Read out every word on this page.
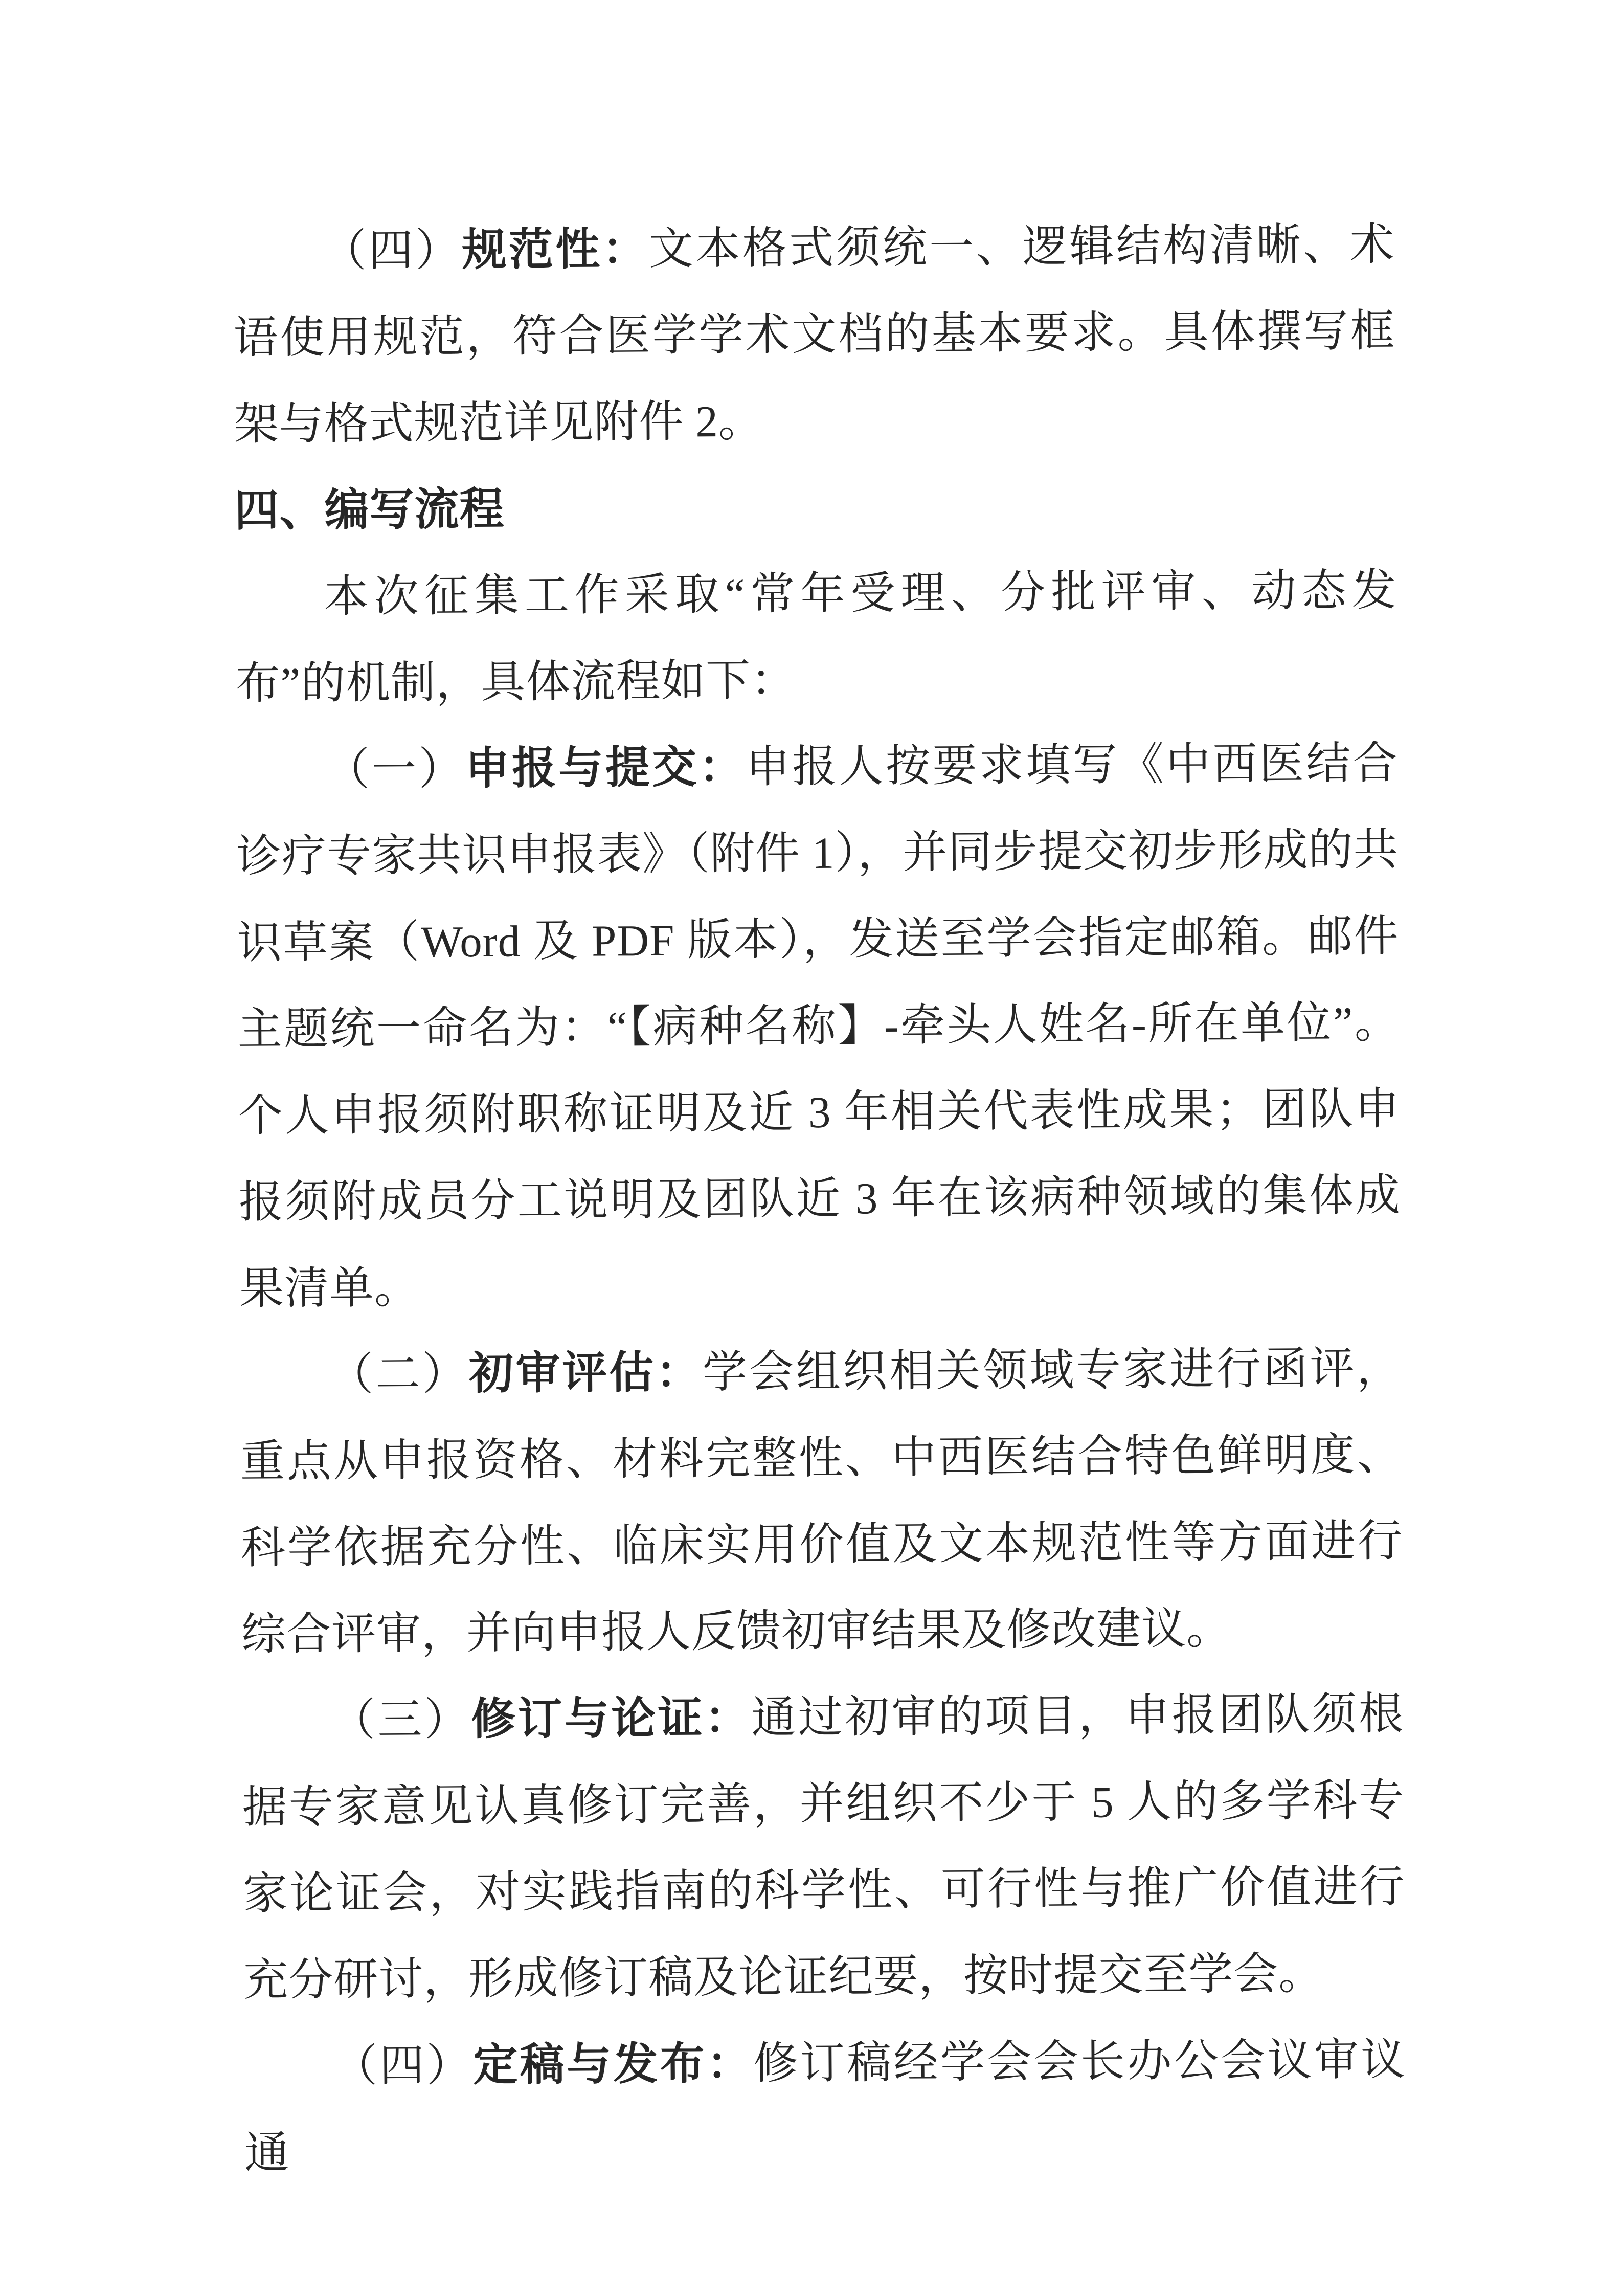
（四）规范性：文本格式须统一、逻辑结构清晰、术语使用规范，符合医学学术文档的基本要求。具体撰写框架与格式规范详见附件 2。

四、编写流程

本次征集工作采取“常年受理、分批评审、动态发布”的机制，具体流程如下：

（一）申报与提交：申报人按要求填写《中西医结合诊疗专家共识申报表》（附件 1），并同步提交初步形成的共识草案（Word 及 PDF 版本），发送至学会指定邮箱。邮件主题统一命名为：“【病种名称】-牵头人姓名-所在单位”。个人申报须附职称证明及近 3 年相关代表性成果；团队申报须附成员分工说明及团队近 3 年在该病种领域的集体成果清单。

（二）初审评估：学会组织相关领域专家进行函评，重点从申报资格、材料完整性、中西医结合特色鲜明度、科学依据充分性、临床实用价值及文本规范性等方面进行综合评审，并向申报人反馈初审结果及修改建议。

（三）修订与论证：通过初审的项目，申报团队须根据专家意见认真修订完善，并组织不少于 5 人的多学科专家论证会，对实践指南的科学性、可行性与推广价值进行充分研讨，形成修订稿及论证纪要，按时提交至学会。

（四）定稿与发布：修订稿经学会会长办公会议审议通
